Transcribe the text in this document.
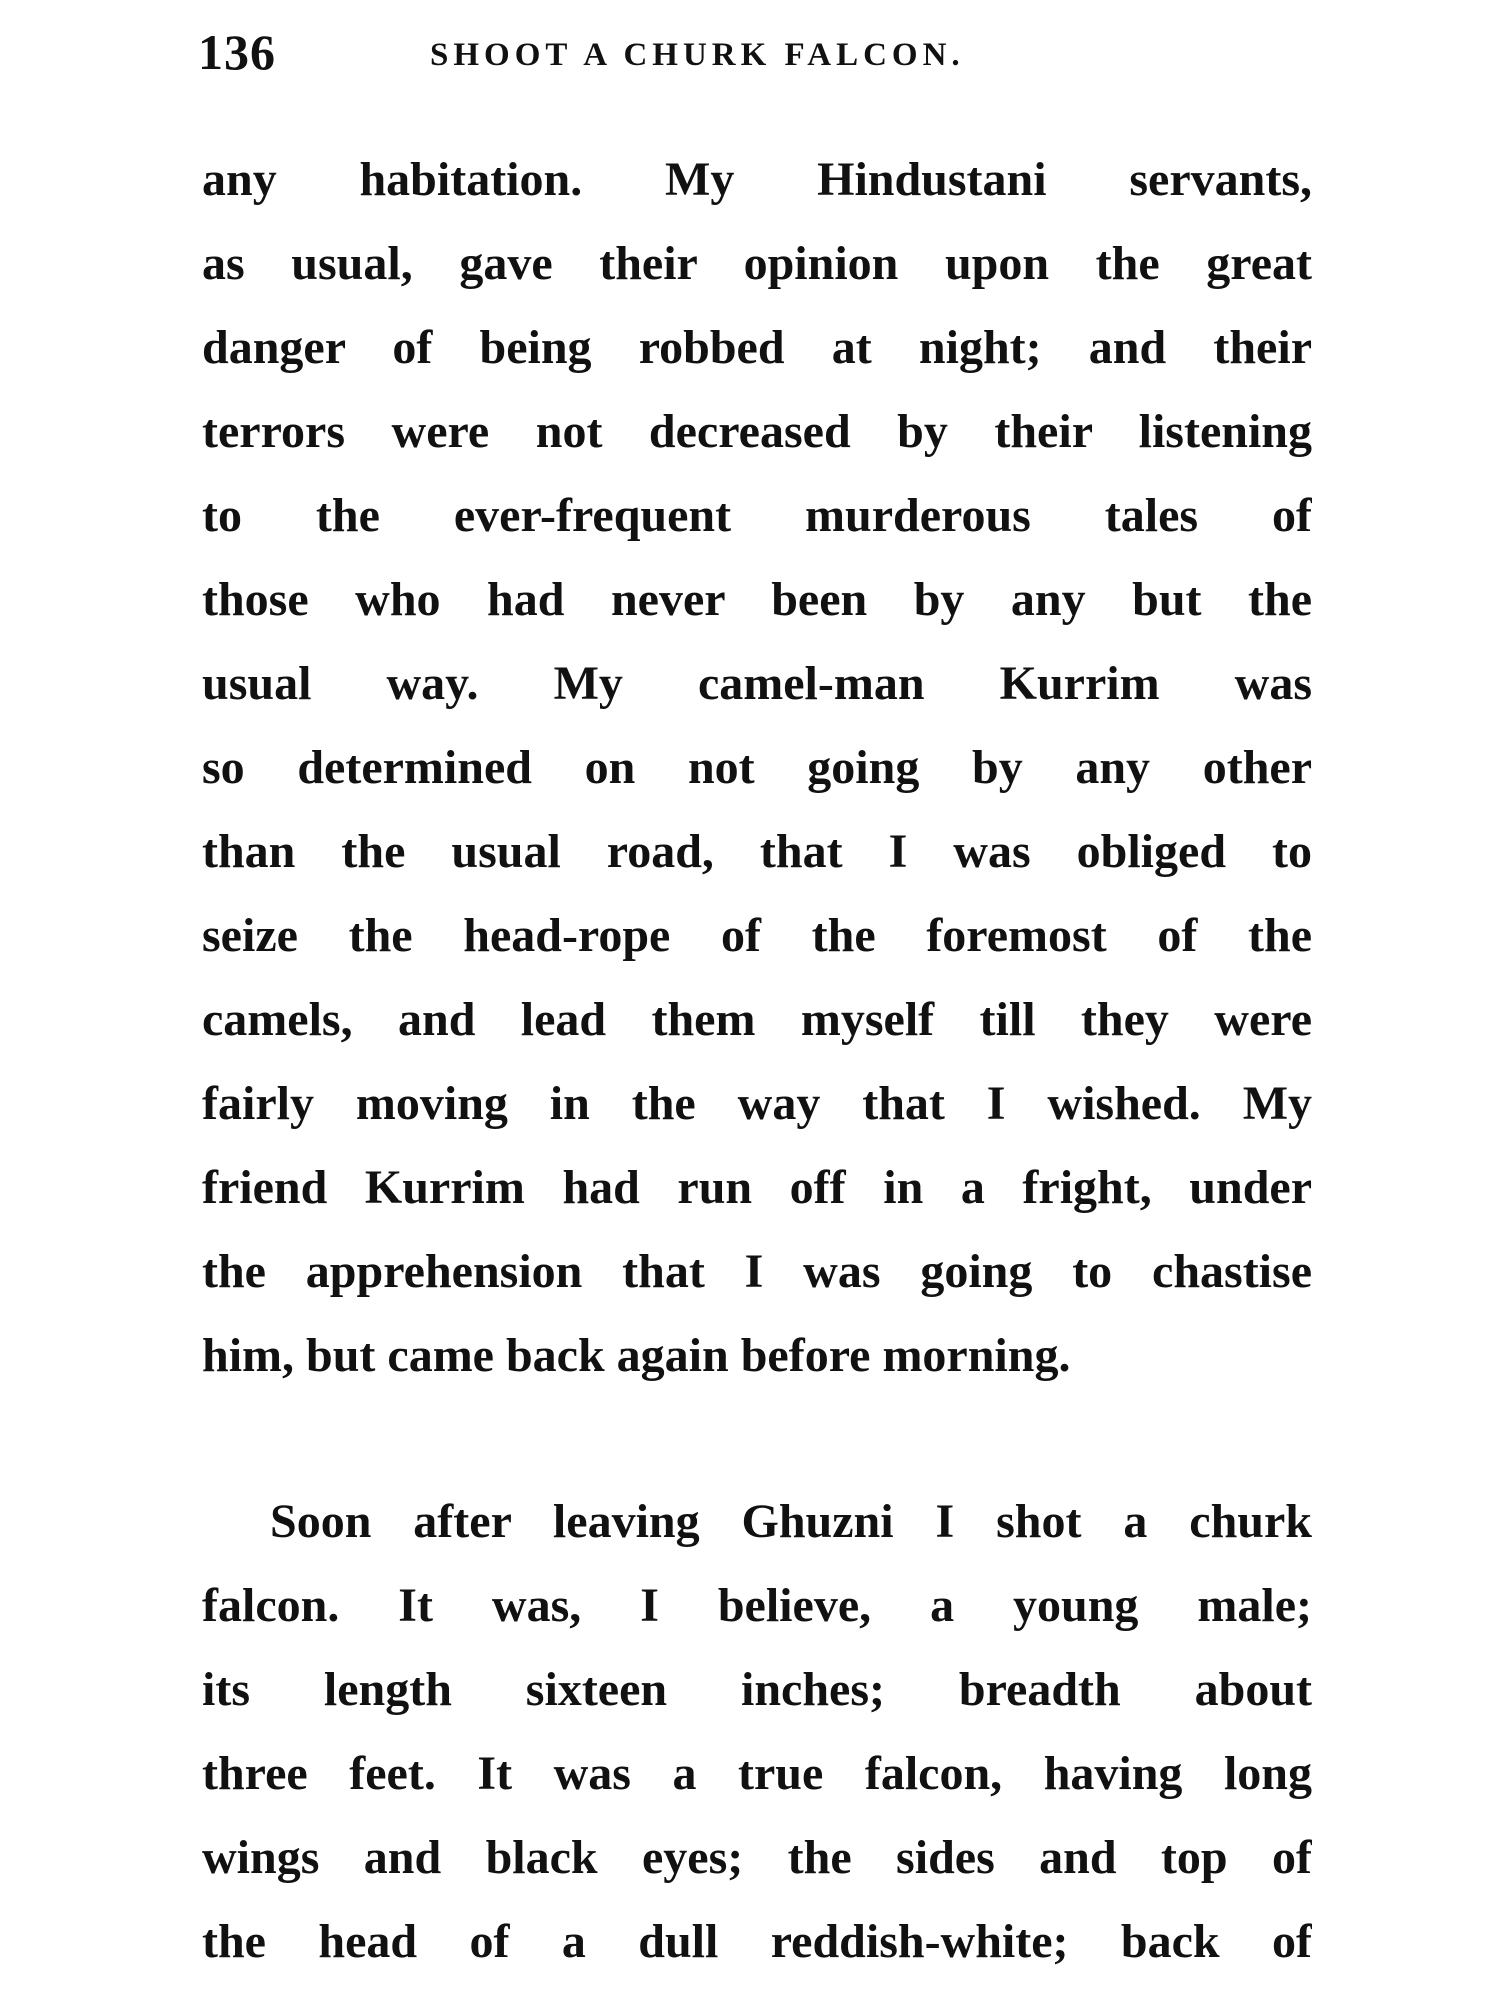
136	SHOOT A CHURK FALCON.
any habitation. My Hindustani servants,
as usual, gave their opinion upon the great
danger of being robbed at night; and their
terrors were not decreased by their listening
to the ever-frequent murderous tales of
those who had never been by any but the
usual way. My camel-man Kurrim was
so determined on not going by any other
than the usual road, that I was obliged to
seize the head-rope of the foremost of the
camels, and lead them myself till they were
fairly moving in the way that I wished. My
friend Kurrim had run off in a fright, under
the apprehension that I was going to chastise
him, but came back again before morning.
Soon after leaving Ghuzni I shot a churk
falcon. It was, I believe, a young male;
its length sixteen inches; breadth about
three feet. It was a true falcon, having long
wings and black eyes; the sides and top of
the head of a dull reddish-white; back of
